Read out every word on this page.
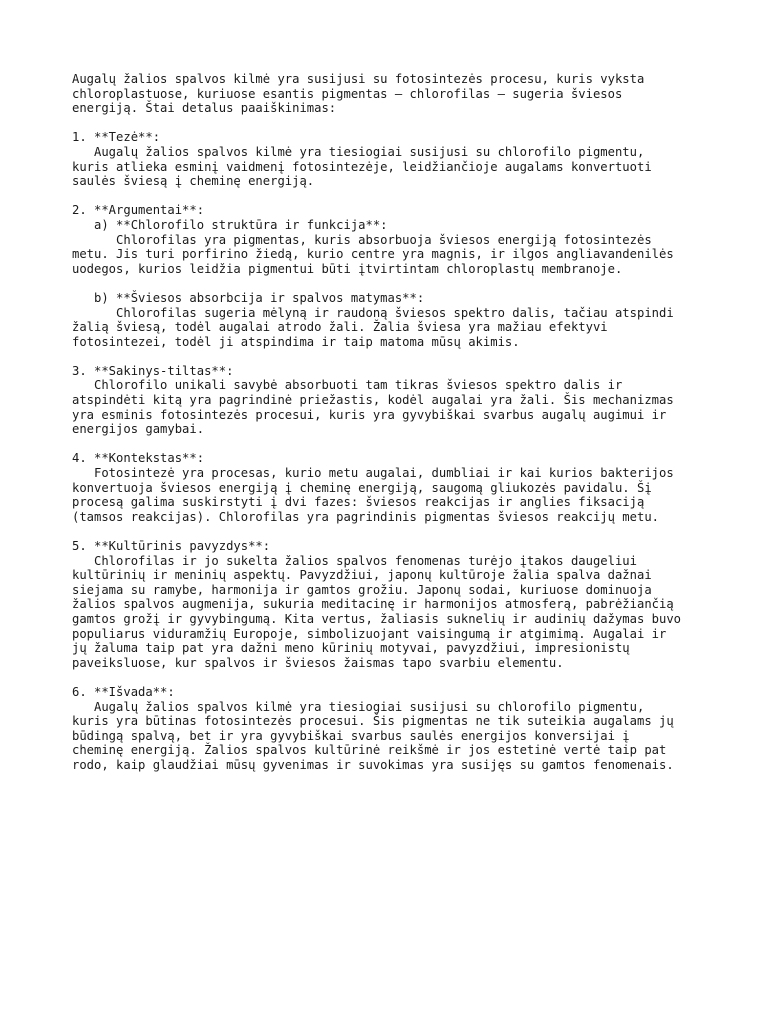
Augalų žalios spalvos kilmė yra susijusi su fotosintezės procesu, kuris vyksta
chloroplastuose, kuriuose esantis pigmentas – chlorofilas – sugeria šviesos
energiją. Štai detalus paaiškinimas:

1. **Tezė**:

Augalų žalios spalvos kilmė yra tiesiogiai susijusi su chlorofilo pigmentu,
kuris atlieka esminį vaidmenį fotosintezėje, leidžiančioje augalams konvertuoti
saulės šviesą į cheminę energiją.

2. **Argumentai**:

a) **Chlorofilo struktūra ir funkcija**:

Chlorofilas yra pigmentas, kuris absorbuoja šviesos energiją fotosintezės
metu. Jis turi porfirino žiedą, kurio centre yra magnis, ir ilgos angliavandenilės
uodegos, kurios leidžia pigmentui būti įtvirtintam chloroplastų membranoje.

b) **Šviesos absorbcija ir spalvos matymas**:

Chlorofilas sugeria mėlyną ir raudoną šviesos spektro dalis, tačiau atspindi
žalią šviesą, todėl augalai atrodo žali. Žalia šviesa yra mažiau efektyvi
fotosintezei, todėl ji atspindima ir taip matoma mūsų akimis.

3. **Sakinys-tiltas**:

Chlorofilo unikali savybė absorbuoti tam tikras šviesos spektro dalis ir
atspindėti kitą yra pagrindinė priežastis, kodėl augalai yra žali. Šis mechanizmas
yra esminis fotosintezės procesui, kuris yra gyvybiškai svarbus augalų augimui ir
energijos gamybai.

4. **Kontekstas**:

Fotosintezė yra procesas, kurio metu augalai, dumbliai ir kai kurios bakterijos
konvertuoja šviesos energiją į cheminę energiją, saugomą gliukozės pavidalu. Šį
procesą galima suskirstyti į dvi fazes: šviesos reakcijas ir anglies fiksaciją
(tamsos reakcijas). Chlorofilas yra pagrindinis pigmentas šviesos reakcijų metu.

5. **Kultūrinis pavyzdys**:

Chlorofilas ir jo sukelta žalios spalvos fenomenas turėjo įtakos daugeliui
kultūrinių ir meninių aspektų. Pavyzdžiui, japonų kultūroje žalia spalva dažnai
siejama su ramybe, harmonija ir gamtos grožiu. Japonų sodai, kuriuose dominuoja
žalios spalvos augmenija, sukuria meditacinę ir harmonijos atmosferą, pabrėžiančią
gamtos grožį ir gyvybingumą. Kita vertus, žaliasis suknelių ir audinių dažymas buvo
populiarus viduramžių Europoje, simbolizuojant vaisingumą ir atgimimą. Augalai ir
jų žaluma taip pat yra dažni meno kūrinių motyvai, pavyzdžiui, impresionistų
paveiksluose, kur spalvos ir šviesos žaismas tapo svarbiu elementu.

6. **Išvada**:

Augalų žalios spalvos kilmė yra tiesiogiai susijusi su chlorofilo pigmentu,
kuris yra būtinas fotosintezės procesui. Šis pigmentas ne tik suteikia augalams jų
būdingą spalvą, bet ir yra gyvybiškai svarbus saulės energijos konversijai į
cheminę energiją. Žalios spalvos kultūrinė reikšmė ir jos estetinė vertė taip pat
rodo, kaip glaudžiai mūsų gyvenimas ir suvokimas yra susijęs su gamtos fenomenais.
